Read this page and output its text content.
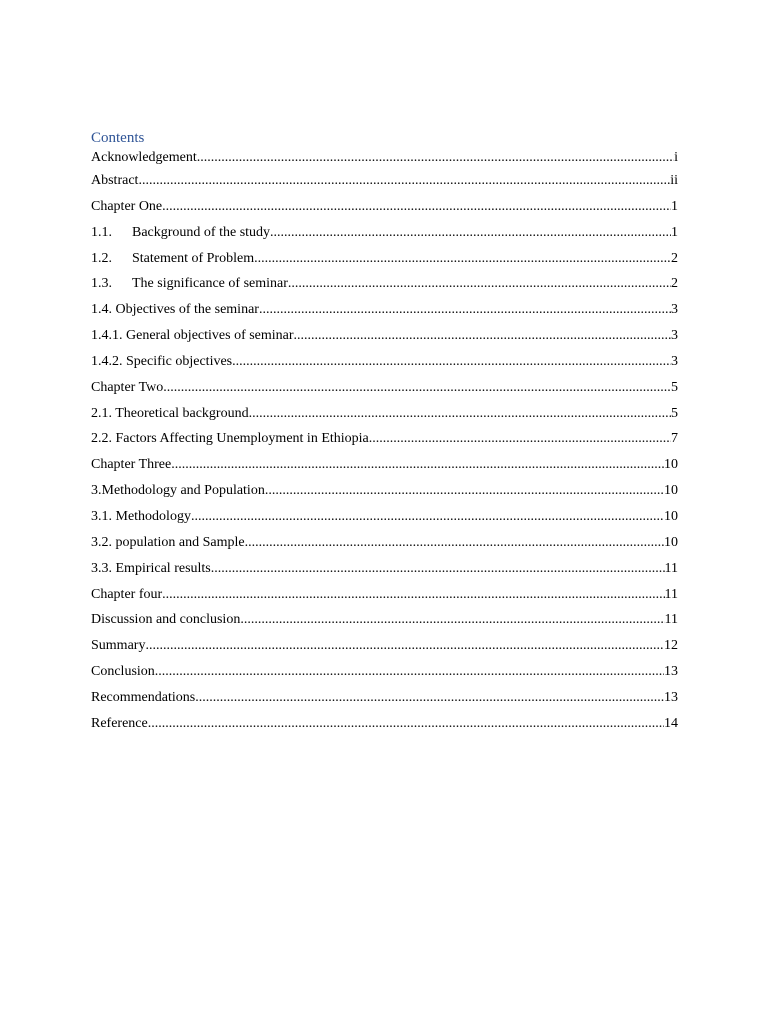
Contents
Acknowledgement .....	i
Abstract .....	ii
Chapter One .....	1
1.1.	Background of the study .....	1
1.2.	Statement of Problem .....	2
1.3.	The significance of seminar .....	2
1.4. Objectives of the seminar .....	3
1.4.1. General objectives of seminar .....	3
1.4.2. Specific objectives .....	3
Chapter Two .....	5
2.1. Theoretical background .....	5
2.2. Factors Affecting Unemployment in Ethiopia .....	7
Chapter Three .....	10
3.Methodology and Population .....	10
3.1. Methodology .....	10
3.2. population and Sample .....	10
3.3. Empirical results .....	11
Chapter four .....	11
Discussion and conclusion .....	11
Summary .....	12
Conclusion .....	13
Recommendations .....	13
Reference .....	14
